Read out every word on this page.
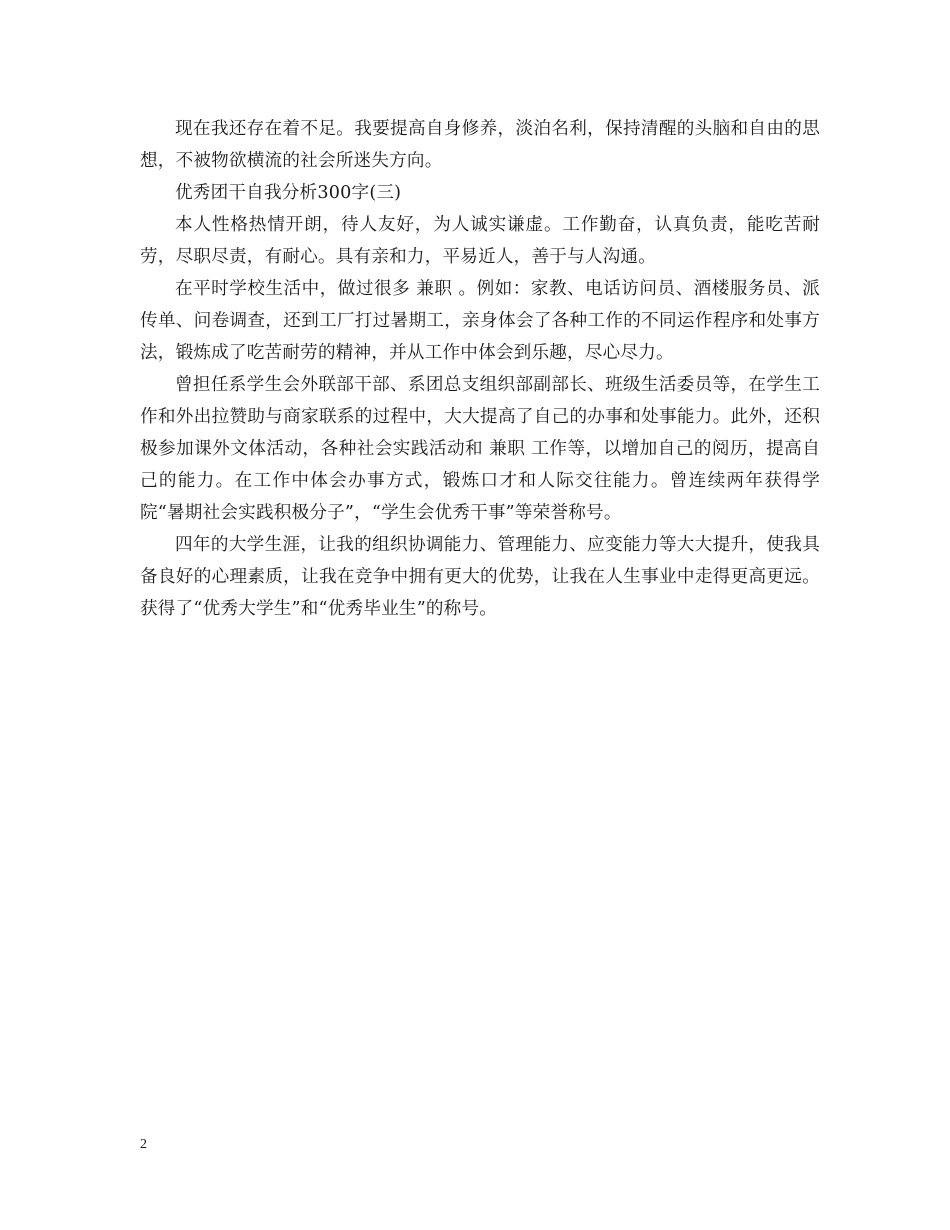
现在我还存在着不足。我要提高自身修养，淡泊名利，保持清醒的头脑和自由的思想，不被物欲横流的社会所迷失方向。

优秀团干自我分析300字(三)

本人性格热情开朗，待人友好，为人诚实谦虚。工作勤奋，认真负责，能吃苦耐劳，尽职尽责，有耐心。具有亲和力，平易近人，善于与人沟通。

在平时学校生活中，做过很多 兼职 。例如：家教、电话访问员、酒楼服务员、派传单、问卷调查，还到工厂打过暑期工，亲身体会了各种工作的不同运作程序和处事方法，锻炼成了吃苦耐劳的精神，并从工作中体会到乐趣，尽心尽力。

曾担任系学生会外联部干部、系团总支组织部副部长、班级生活委员等，在学生工作和外出拉赞助与商家联系的过程中，大大提高了自己的办事和处事能力。此外，还积极参加课外文体活动，各种社会实践活动和 兼职 工作等，以增加自己的阅历，提高自己的能力。在工作中体会办事方式，锻炼口才和人际交往能力。曾连续两年获得学院“暑期社会实践积极分子”，“学生会优秀干事”等荣誉称号。

四年的大学生涯，让我的组织协调能力、管理能力、应变能力等大大提升，使我具备良好的心理素质，让我在竞争中拥有更大的优势，让我在人生事业中走得更高更远。获得了“优秀大学生”和“优秀毕业生”的称号。

2
